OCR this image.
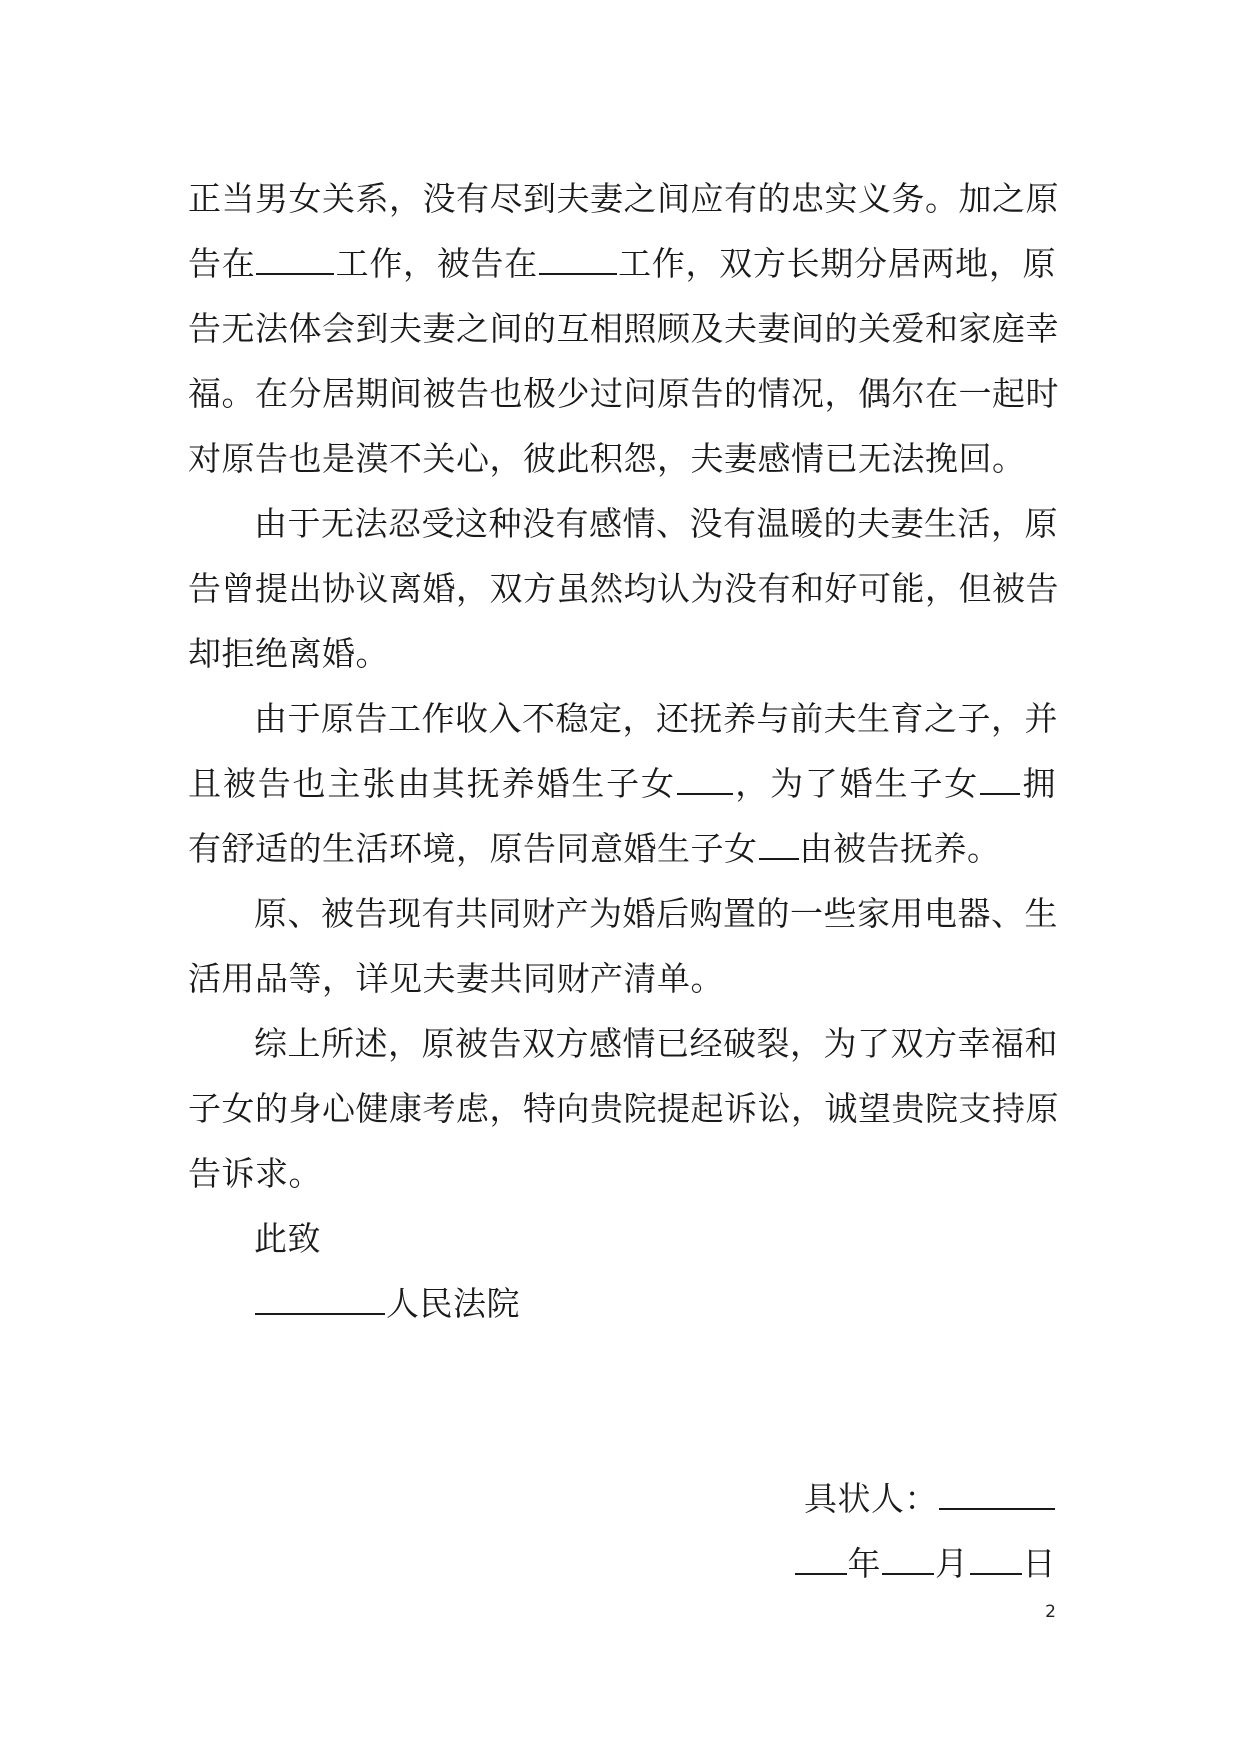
正当男女关系，没有尽到夫妻之间应有的忠实义务。加之原
告在 工作，被告在 工作，双方长期分居两地，原
告无法体会到夫妻之间的互相照顾及夫妻间的关爱和家庭幸
福。在分居期间被告也极少过问原告的情况，偶尔在一起时
对原告也是漠不关心，彼此积怨，夫妻感情已无法挽回。
由于无法忍受这种没有感情、没有温暖的夫妻生活，原
告曾提出协议离婚，双方虽然均认为没有和好可能，但被告
却拒绝离婚。
由于原告工作收入不稳定，还抚养与前夫生育之子，并
且被告也主张由其抚养婚生子女 ，为了婚生子女 拥
有舒适的生活环境，原告同意婚生子女 由被告抚养。
原、被告现有共同财产为婚后购置的一些家用电器、生
活用品等，详见夫妻共同财产清单。
综上所述，原被告双方感情已经破裂，为了双方幸福和
子女的身心健康考虑，特向贵院提起诉讼，诚望贵院支持原
告诉求。
此致
人民法院
具状人：
年 月 日
2
